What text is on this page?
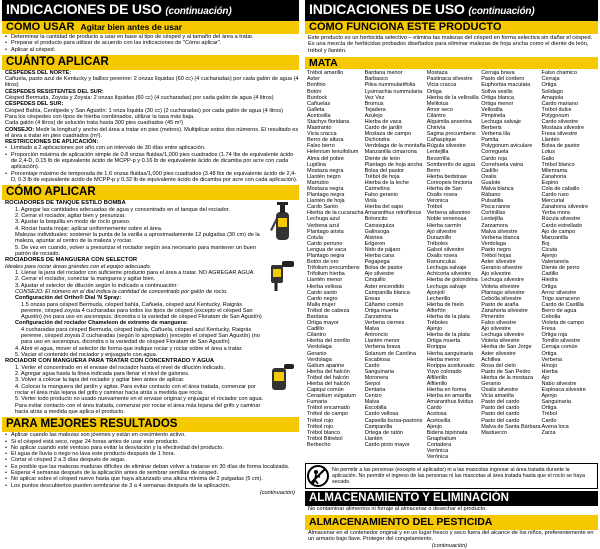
INDICACIONES DE USO (continuación)
CÓMO USAR Agitar bien antes de usar
• Determinar la cantidad de producto a usar en base al tipo de césped y al tamaño del área a tratar.
• Preparar el producto para utilizar de acuerdo con las indicaciones de "Cómo aplicar".
• Aplicar al césped.
CUÁNTO APLICAR
CÉSPEDES DEL NORTE:
Cañuela, pasto azul de Kentucky y ballico perenne: 2 onzas líquidas (60 cc) (4 cucharadas) por cada galón de agua (4 litros)
CÉSPEDES RESISTENTES DEL SUR:
Césped Bermuda, Zoysia y Zoysia: 2 onzas líquidas (60 cc) (4 cucharadas) por cada galón de agua (4 litros)
CÉSPEDES DEL SUR:
Césped Bahía, Centípede y San Agustín: 1 onza líquida (30 cc) (2 cucharadas) por cada galón de agua (4 litros)
Para los céspedes con tipos de hierba combinados, utilizar la tasa más baja.
Cada galón (4 litros) de solución trata hasta 300 pies cuadrados (45 m²)
CONSEJO: Medir la longitud y ancho del área a tratar en pies (metros). Multiplicar estos dos números. El resultado es el área a tratar en pies cuadrados (m²).
RESTRICCIONES DE APLICACIÓN:
• Limitado a 2 aplicaciones por año con un intervalo de 30 días entre aplicación.
• Proporción máxima de aplicación simple de 0.8 onzas fluidas/1,000 pies cuadrados (1.74 lbs de equivalente ácido de 2,4-D, 0.15 lb de equivalente ácido de MCPP-p y 0.16 lb de equivalente ácido de dicamba por acre con cada aplicación).
• Porcentaje máximo de temporada de 1.6 onzas fluidas/1,000 pies cuadrados (3.48 lbs de equivalente ácido de 2,4-D, 0.3 lb de equivalente ácido de MCPP-p y 0.32 lb de equivalente ácido de dicamba por acre con cada aplicación).
CÓMO APLICAR
ROCIADORES DE TANQUE ESTILO BOMBA
1. Agregar las cantidades adecuadas de agua y concentrado en el tanque del rociador.
2. Cerrar el rociador, agitar bien y presurizar.
3. Ajustar la boquilla en modo de rocío grueso.
4. Rociar hasta mojar; aplicar uniformemente sobre el área.
Malezas individuales: sostener la punta de la varilla a aproximadamente 12 pulgadas (30 cm) de la maleza, apuntar al centro de la maleza y rociar.
5. De vez en cuando, volver a presurizar el rociador según sea necesario para mantener un buen patrón de rociado.
ROCIADORES DE MANGUERA CON SELECTOR
Ideales para rociar áreas grandes con el equipo adecuado.
1. Llenar la jarra del rociador con suficiente producto para el área a tratar. NO AGREGAR AGUA
2. Cerrar el rociador, conectar la manguera y agitar bien.
3. Ajustar el selector de dilución según lo indicado a continuación:
CONSEJO: El número en el dial indica la cantidad de concentrado por galón de rocío.
Configuración del Ortho® Dial 'N Spray:
1.5 onzas para césped Bermuda, césped bahía, Cañuela, césped azul Kentucky, Raigrás perenne, césped zoysia 4 cucharadas para todos los tipos de césped (excepto el césped San Agustín) (no para uso en ascenopus, dicondra o la variedad de césped Floratam de San Agustín)
Configuración del rociador Chameleon de extremo de manguera:
4 cucharadas para césped Bermuda, césped bahía, Cañuela, césped azul Kentucky, Raigrás perenne, césped zoysia 2 cucharadas (según lo apropiado) (excepto el césped San Agustín) (no para uso en ascenopus, dicondra o la variedad de césped Floratam de San Agustín)
4. Abrir el agua, mover el selector de forma que indique rociar y rociar sobre el área a tratar.
5. Vaciar el contenido del rociador y enjuagarlo con agua.
ROCIADOR CON MANGUERA PARA TRATAR CON CONCENTRADO Y AGUA
1. Verter el concentrado en el envase del rociador hasta el nivel de dilución indicado.
2. Agregar agua hasta la línea indicada para llenar el nivel de galones.
3. Volver a colocar la tapa del rociador y agitar bien antes de aplicar.
4. Colocar la manguera del jardín y agitar. Para evitar contacto con el área tratada, comenzar por rociar el área más lejana del grifo y caminar hacia atrás a medida que rocía.
5. Verter todo producto no usado nuevamente en el envase original y enjuagar el rociador con agua.
Para evitar contacto con el área tratada, comenzar por rociar el área más lejana del grifo y caminar hacia atrás a medida que aplica el producto.
PARA MEJORES RESULTADOS
• Aplicar cuando las malezas son jóvenes y están en crecimiento activo.
• Si el césped está seco, regar 24 horas antes de usar este producto.
• No aplicar cuando esté ventoso para evitar la desviación y la efectividad del producto.
• El agua de lluvia o riego no lava este producto después de 1 hora.
• Cortar el césped 2 a 3 días después de segar.
• Es posible que las malezas maduras difíciles de eliminar deban volver a tratarse en 30 días de forma localizada.
• Esperar 4 semanas después de la aplicación antes de sembrar semillas de césped.
• No aplicar sobre el césped nuevo hasta que haya alcanzado una altura mínima de 2 pulgadas (5 cm).
• Los puntos descubiertos pueden sembrarse de 3 a 4 semanas después de la aplicación.
(continuación)
INDICACIONES DE USO (continuación)
CÓMO FUNCIONA ESTE PRODUCTO
Este producto es un herbicida selectivo – elimina las malezas del césped en forma selectiva sin dañar el césped. Es una mezcla de herbicidas probados diseñados para eliminar malezas de hoja ancha como el diente de león, trébol y llantén.
MATA
Trébol amarillo
Aster
Bonfirio
Botón
Burdock
Cañuelas
Galleta
Acetosilla
Stachys floridana
Mastranto
Vicia cracca
Berro de altura
Falso berro
Helenium tenuifolium
Alma del pobre
Lupilina
Mostaza negra
Llantén negro
Marrubio
Mostaza negra
Plantago negra
Llantén de hoja
Cardo Santo
Hierba de la cucaracha
Lechuga azul
Verbena azul
Plantago arista
Cotula
Cardo perruno
Lengua de vaca
Plantago negra
Botón de oro
Trifolium procumbens
Trifolium hierba
Llantén menor
Hierba vellosa
Cardo santo
Cardo negro
Malla mujer
Trébol de cabeza
Bardana
Ortiga mayor
Cadillo
Cilantro
Hierba del zorrillo
Verdolaga
Geranio
Verdolaga
Galium aparine
Hierba del halcón
Trébol del halcón
Hierba del halcón
Capiqui común
Cerastium vulgatum
Fumaria
Trébol encarnado
Trébol de campo
Trébol rojo
Trébol rojo
Trébol blanco
Trébol Bitrebol
Berbecho
Bardana menor
Barbasco
Pilea nummulariifolia
Lysimachia nummularia
Vez Vez
Bromus
Tejadera
Azulejo
Hierba de vaca
Cardo de jardín
Mostaza de campo
Dichondra
Verdolaga de la montaña
Manzanilla cimarrona
Diente de león
Plantago de hoja ancha
Bolsa del pastor
Trébol de hoja
Hierba de la leche
Carmelina
Falso geranio
Viola
Hierba del sapo
Amaranthus retroflexus
Botoncito
Carrasquiza
Galinsoga
Alsinea
Erigeron
Nido de pájaro
Hierba cana
Pegapega
Bolsa de pastor
Ajo silvestre
Cinquillo
Aster encendido
Campanilla blanca
Eneas
Cáñamo común
Ortiga muerta
Zarzamora
Verbena ciernes
Malva
Antroncio
Llantén menor
Verbena brava
Solanum de Carolina
Escabiosa
Cardo
Sanguinaria
Moronera
Serpol
Dentaria
Cenizo
Malva
Escobilla
Cardo vellosa
Capsella bursa-pastoris
Campanilla
Ortega de ratón
Llantén
Cardo pinto mayor
Mostaza
Pastinaca silvestre
Vicia cracca
Ortiga
Hierba de la vellosilla
Melilotus
Amor seco
Cilántro
Alquimila anserina
Chirivía
Sagina procumbens
Cañaspique
Rúgula silvestre
Lentejilla
Becerrilla
Sombrerito de agua
Berro
Hierba bedstraw
Coreopsis tinctoria
Hierba de San
Oxalis rosea
Veronica
Trébol
Verbena alisonino
Noble venenosa
Hierba carmín
Ajo silvestre
Duraznillo
Tréboles
Galsol silvestre
Oxalis rosea
Ranunculus
Lechuga salvaje
Achicoria silvestre
Hierba de golondrina
Lechuga salvaje
Ajonjolí
Lecherillo
Hierba de hielo
Alforfón
Hierba de la plata
Tréboles
Ajenjo
Hierba de la plata
Ortiga muerta
Rorippa
Hierba sanguinaria
Hierba menor
Rorippa aceitunado
Yuyo colorado
Alfilerillo
Alfilerillo
Hierba en forma
Hierba en amarilla
Amaranthus lividus
Cardo
Acetosa
Acetosilla
Ajenjo
Bidens bipinnata
Gnaphalium
Cortadera
Verónica
Verónica
Cerraja brava
Pasto del cordero
Euphorbia maculata
Sollva sesilis
Ortiga blanca
Ortiga menor
Vellosilla
Pimpinela
Lechuga salvaje
Berberis
Verbena lila
Pamita
Polygonum aviculare
Correguela
Cardo roja
Correhuela vaina
Cadillo
Oxalis
Gualote
Malva blanca
Rábano
Pulsatilla
Pisca ranne
Cortinillas
Lentejilla
Zarzamora
Malva silvestre
Verbena blanca
Verdolaga
Pasto negro
Trébol hojas
Aster silvestre
Geranio silvestre
Ajo silvestre
Lechuga silvestre
Violeta silvestre
Plantago silvestre
Cebolla silvestre
Pasto de araña
Zanahoria silvestre
Pimentón
Falso silvestre
Ajo silvestre
Lechuga silvestre
Violeta silvestre
Hierba de San Jorge
Aster silvestre
Achillea
Rosa del cielo
Pasto de San Pedro
Hierba de la mostaza
Geranio
Oxalis silvestre
Vicia amarilla
Pasto del cardo
Pasto del cardo
Pasto del cardo
Pasto del cardo
Malva de Santa Bárbara
Mastuerzo
Falso chamico
Cerraja
Ortiga
Solidago
Amapola
Cardo mariano
Trébol dulce
Polygonum
Cardo silvestre
Mostaza silvestre
Fresa silvestre
Llantén
Bolsa de pastor
Lotus
Galio
Trébol blanco
Milenrama
Zanahoria
Espino
Cola de caballo
Cardo ruso
Mercurial
Zanahoria silvestre
Yerba mora
Rúcula silvestre
Cardo estrellado
Ajo de campo
Manzanilla
Boj
Cicuta
Ajenjo
Valerianela
Diente de perro
Cadillo
Hiedra
Ortiga
Arroz silvestre
Trigo sarraceno
Cardo de Castilla
Berro de agua
Cebolla
Violeta de campo
Fresa
Ortiga roja
Tomillo silvestre
Cerraja común
Ortiga
Verbena
Hinojo
Hierba
Ajo
Nabo silvestre
Espinaca silvestre
Ajenjo
Sanguinaria
Ortiga
Trébol
Cardo
Avena loca
Zarza
No permitir a las personas (excepto el aplicador) ni a las mascotas ingresar al área tratada durante la aplicación. No permitir el ingreso de las personas ni las mascotas al área tratada hasta que el rocío se haya secado.
ALMACENAMIENTO Y ELIMINACIÓN
No contaminar alimentos ni forraje al almacenar o desechar el producto.
ALMACENAMIENTO DEL PESTICIDA
Almacenar en el contenedor original y en un lugar fresco y seco fuera del alcance de los niños, preferentemente en un armario bajo llave. Proteger del congelamiento.
(continuación)
